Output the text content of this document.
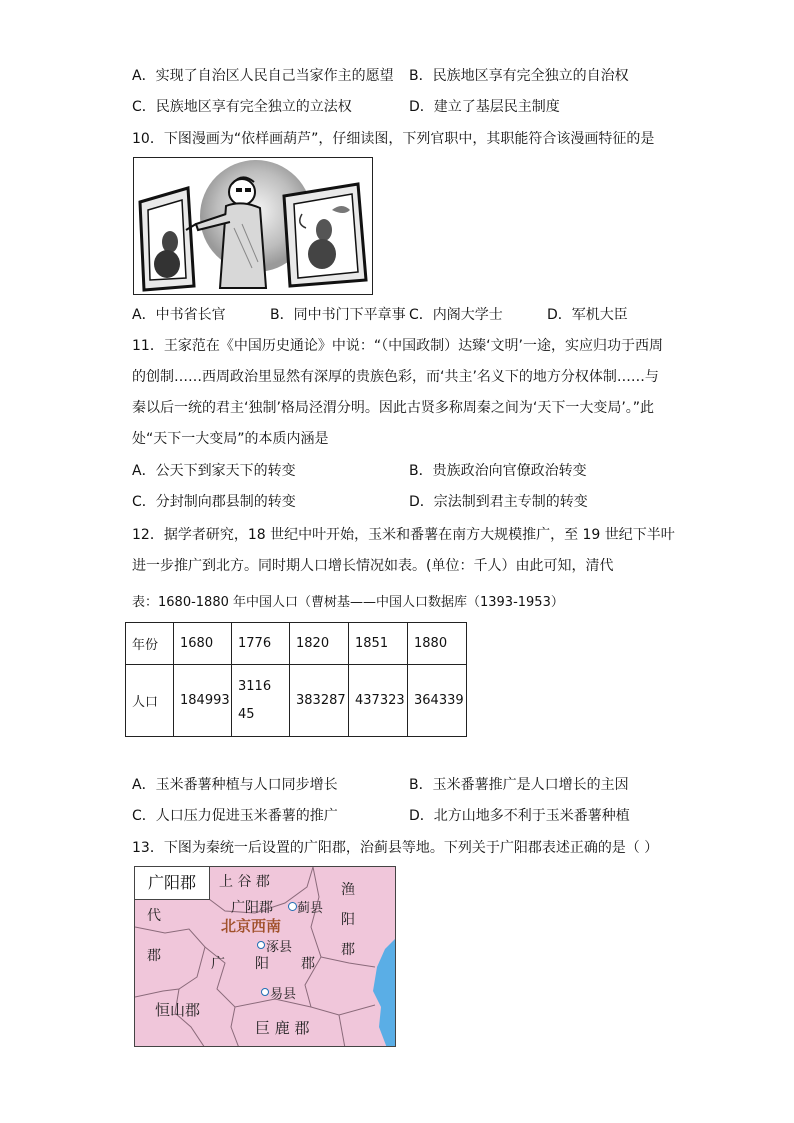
A．实现了自治区人民自己当家作主的愿望 B．民族地区享有完全独立的自治权
C．民族地区享有完全独立的立法权	D．建立了基层民主制度
10．下图漫画为“依样画葫芦”，仔细读图，下列官职中，其职能符合该漫画特征的是
A．中书省长官	B．同中书门下平章事 C．内阁大学士	D．军机大臣
11．王家范在《中国历史通论》中说：“（中国政制）达臻‘文明’一途，实应归功于西周
的创制……西周政治里显然有深厚的贵族色彩，而‘共主’名义下的地方分权体制……与
秦以后一统的君主‘独制’格局泾渭分明。因此古贤多称周秦之间为‘天下一大变局’。”此
处“天下一大变局”的本质内涵是
A．公天下到家天下的转变	B．贵族政治向官僚政治转变
C．分封制向郡县制的转变	D．宗法制到君主专制的转变
12．据学者研究，18 世纪中叶开始，玉米和番薯在南方大规模推广，至 19 世纪下半叶
进一步推广到北方。同时期人口增长情况如表。(单位：千人）由此可知，清代
表：1680-1880 年中国人口（曹树基——中国人口数据库（1393-1953）
年份	1680	1776	1820	1851	1880
人口	184993	311645	383287	437323	364339
A．玉米番薯种植与人口同步增长	B．玉米番薯推广是人口增长的主因
C．人口压力促进玉米番薯的推广	D．北方山地多不利于玉米番薯种植
13．下图为秦统一后设置的广阳郡，治蓟县等地。下列关于广阳郡表述正确的是（ ）
广阳郡	上 谷 郡	渔
阳
郡
代
郡
广阳郡 蓟县
北京西南
涿县
广 阳 郡
易县
恒山郡
巨 鹿 郡
